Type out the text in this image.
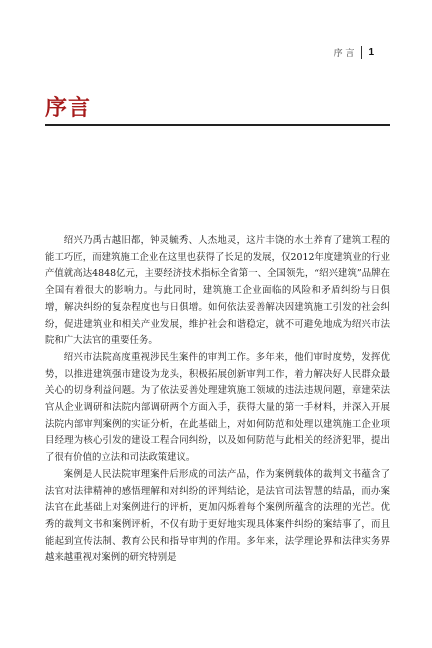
序 言 1
序言

绍兴乃禹古越旧都，钟灵毓秀、人杰地灵，这片丰饶的水土养育了建筑工程的能工巧匠，而建筑施工企业在这里也获得了长足的发展，仅2012年度建筑业的行业产值就高达4848亿元，主要经济技术指标全省第一、全国领先，“绍兴建筑”品牌在全国有着很大的影响力。与此同时，建筑施工企业面临的风险和矛盾纠纷与日俱增，解决纠纷的复杂程度也与日俱增。如何依法妥善解决因建筑施工引发的社会纠纷，促进建筑业和相关产业发展，维护社会和谐稳定，就不可避免地成为绍兴市法院和广大法官的重要任务。

绍兴市法院高度重视涉民生案件的审判工作。多年来，他们审时度势，发挥优势，以推进建筑强市建设为龙头，积极拓展创新审判工作，着力解决好人民群众最关心的切身利益问题。为了依法妥善处理建筑施工领域的违法违规问题，章建荣法官从企业调研和法院内部调研两个方面入手，获得大量的第一手材料，并深入开展法院内部审判案例的实证分析，在此基础上，对如何防范和处理以建筑施工企业项目经理为核心引发的建设工程合同纠纷，以及如何防范与此相关的经济犯罪，提出了很有价值的立法和司法政策建议。

案例是人民法院审理案件后形成的司法产品，作为案例载体的裁判文书蕴含了法官对法律精神的感悟理解和对纠纷的评判结论，是法官司法智慧的结晶，而办案法官在此基础上对案例进行的评析，更加闪烁着每个案例所蕴含的法理的光芒。优秀的裁判文书和案例评析，不仅有助于更好地实现具体案件纠纷的案结事了，而且能起到宣传法制、教育公民和指导审判的作用。多年来，法学理论界和法律实务界越来越重视对案例的研究特别是
